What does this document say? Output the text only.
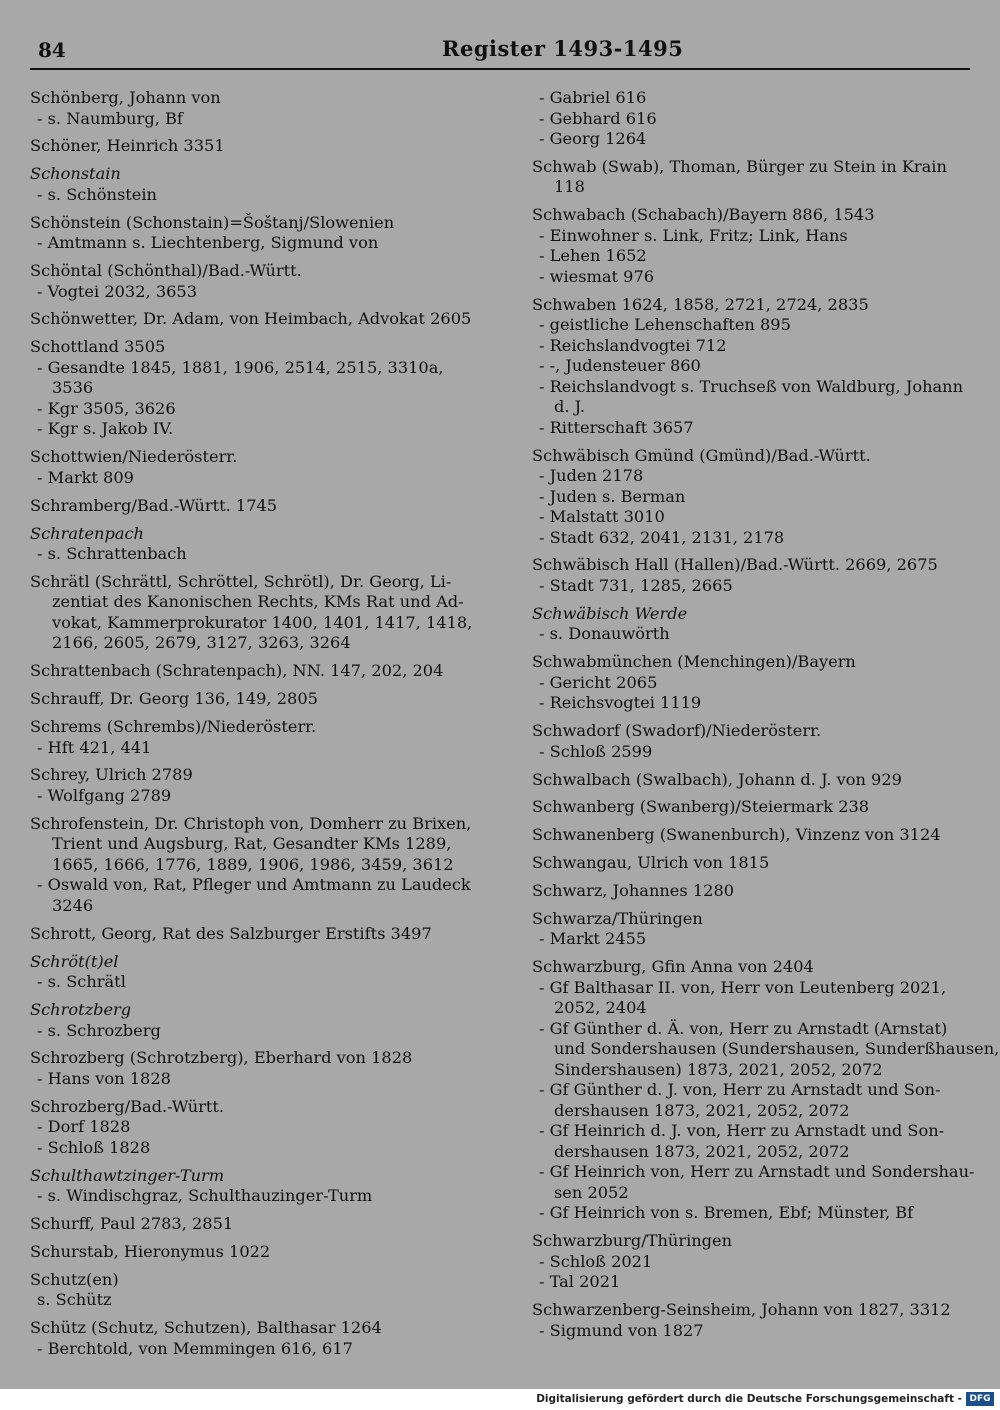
84	Register 1493-1495
Schönberg, Johann von
- s. Naumburg, Bf
Schöner, Heinrich 3351
Schonstain
- s. Schönstein
Schönstein (Schonstain)=Šoštanj/Slowenien
- Amtmann s. Liechtenberg, Sigmund von
Schöntal (Schönthal)/Bad.-Württ.
- Vogtei 2032, 3653
Schönwetter, Dr. Adam, von Heimbach, Advokat 2605
Schottland 3505
- Gesandte 1845, 1881, 1906, 2514, 2515, 3310a,
3536
- Kgr 3505, 3626
- Kgr s. Jakob IV.
Schottwien/Niederösterr.
- Markt 809
Schramberg/Bad.-Württ. 1745
Schratenpach
- s. Schrattenbach
Schrätl (Schrättl, Schröttel, Schrötl), Dr. Georg, Li-
zentiat des Kanonischen Rechts, KMs Rat und Ad-
vokat, Kammerprokurator 1400, 1401, 1417, 1418,
2166, 2605, 2679, 3127, 3263, 3264
Schrattenbach (Schratenpach), NN. 147, 202, 204
Schrauff, Dr. Georg 136, 149, 2805
Schrems (Schrembs)/Niederösterr.
- Hft 421, 441
Schrey, Ulrich 2789
- Wolfgang 2789
Schrofenstein, Dr. Christoph von, Domherr zu Brixen,
Trient und Augsburg, Rat, Gesandter KMs 1289,
1665, 1666, 1776, 1889, 1906, 1986, 3459, 3612
- Oswald von, Rat, Pfleger und Amtmann zu Laudeck
3246
Schrott, Georg, Rat des Salzburger Erstifts 3497
Schröt(t)el
- s. Schrätl
Schrotzberg
- s. Schrozberg
Schrozberg (Schrotzberg), Eberhard von 1828
- Hans von 1828
Schrozberg/Bad.-Württ.
- Dorf 1828
- Schloß 1828
Schulthawtzinger-Turm
- s. Windischgraz, Schulthauzinger-Turm
Schurff, Paul 2783, 2851
Schurstab, Hieronymus 1022
Schutz(en)
s. Schütz
Schütz (Schutz, Schutzen), Balthasar 1264
- Berchtold, von Memmingen 616, 617
- Gabriel 616
- Gebhard 616
- Georg 1264
Schwab (Swab), Thoman, Bürger zu Stein in Krain
118
Schwabach (Schabach)/Bayern 886, 1543
- Einwohner s. Link, Fritz; Link, Hans
- Lehen 1652
- wiesmat 976
Schwaben 1624, 1858, 2721, 2724, 2835
- geistliche Lehenschaften 895
- Reichslandvogtei 712
- -, Judensteuer 860
- Reichslandvogt s. Truchseß von Waldburg, Johann
d. J.
- Ritterschaft 3657
Schwäbisch Gmünd (Gmünd)/Bad.-Württ.
- Juden 2178
- Juden s. Berman
- Malstatt 3010
- Stadt 632, 2041, 2131, 2178
Schwäbisch Hall (Hallen)/Bad.-Württ. 2669, 2675
- Stadt 731, 1285, 2665
Schwäbisch Werde
- s. Donauwörth
Schwabmünchen (Menchingen)/Bayern
- Gericht 2065
- Reichsvogtei 1119
Schwadorf (Swadorf)/Niederösterr.
- Schloß 2599
Schwalbach (Swalbach), Johann d. J. von 929
Schwanberg (Swanberg)/Steiermark 238
Schwanenberg (Swanenburch), Vinzenz von 3124
Schwangau, Ulrich von 1815
Schwarz, Johannes 1280
Schwarza/Thüringen
- Markt 2455
Schwarzburg, Gfin Anna von 2404
- Gf Balthasar II. von, Herr von Leutenberg 2021,
2052, 2404
- Gf Günther d. Ä. von, Herr zu Arnstadt (Arnstat)
und Sondershausen (Sundershausen, Sunderßhausen,
Sindershausen) 1873, 2021, 2052, 2072
- Gf Günther d. J. von, Herr zu Arnstadt und Son-
dershausen 1873, 2021, 2052, 2072
- Gf Heinrich d. J. von, Herr zu Arnstadt und Son-
dershausen 1873, 2021, 2052, 2072
- Gf Heinrich von, Herr zu Arnstadt und Sondershau-
sen 2052
- Gf Heinrich von s. Bremen, Ebf; Münster, Bf
Schwarzburg/Thüringen
- Schloß 2021
- Tal 2021
Schwarzenberg-Seinsheim, Johann von 1827, 3312
- Sigmund von 1827
Digitalisierung gefördert durch die Deutsche Forschungsgemeinschaft - DFG
